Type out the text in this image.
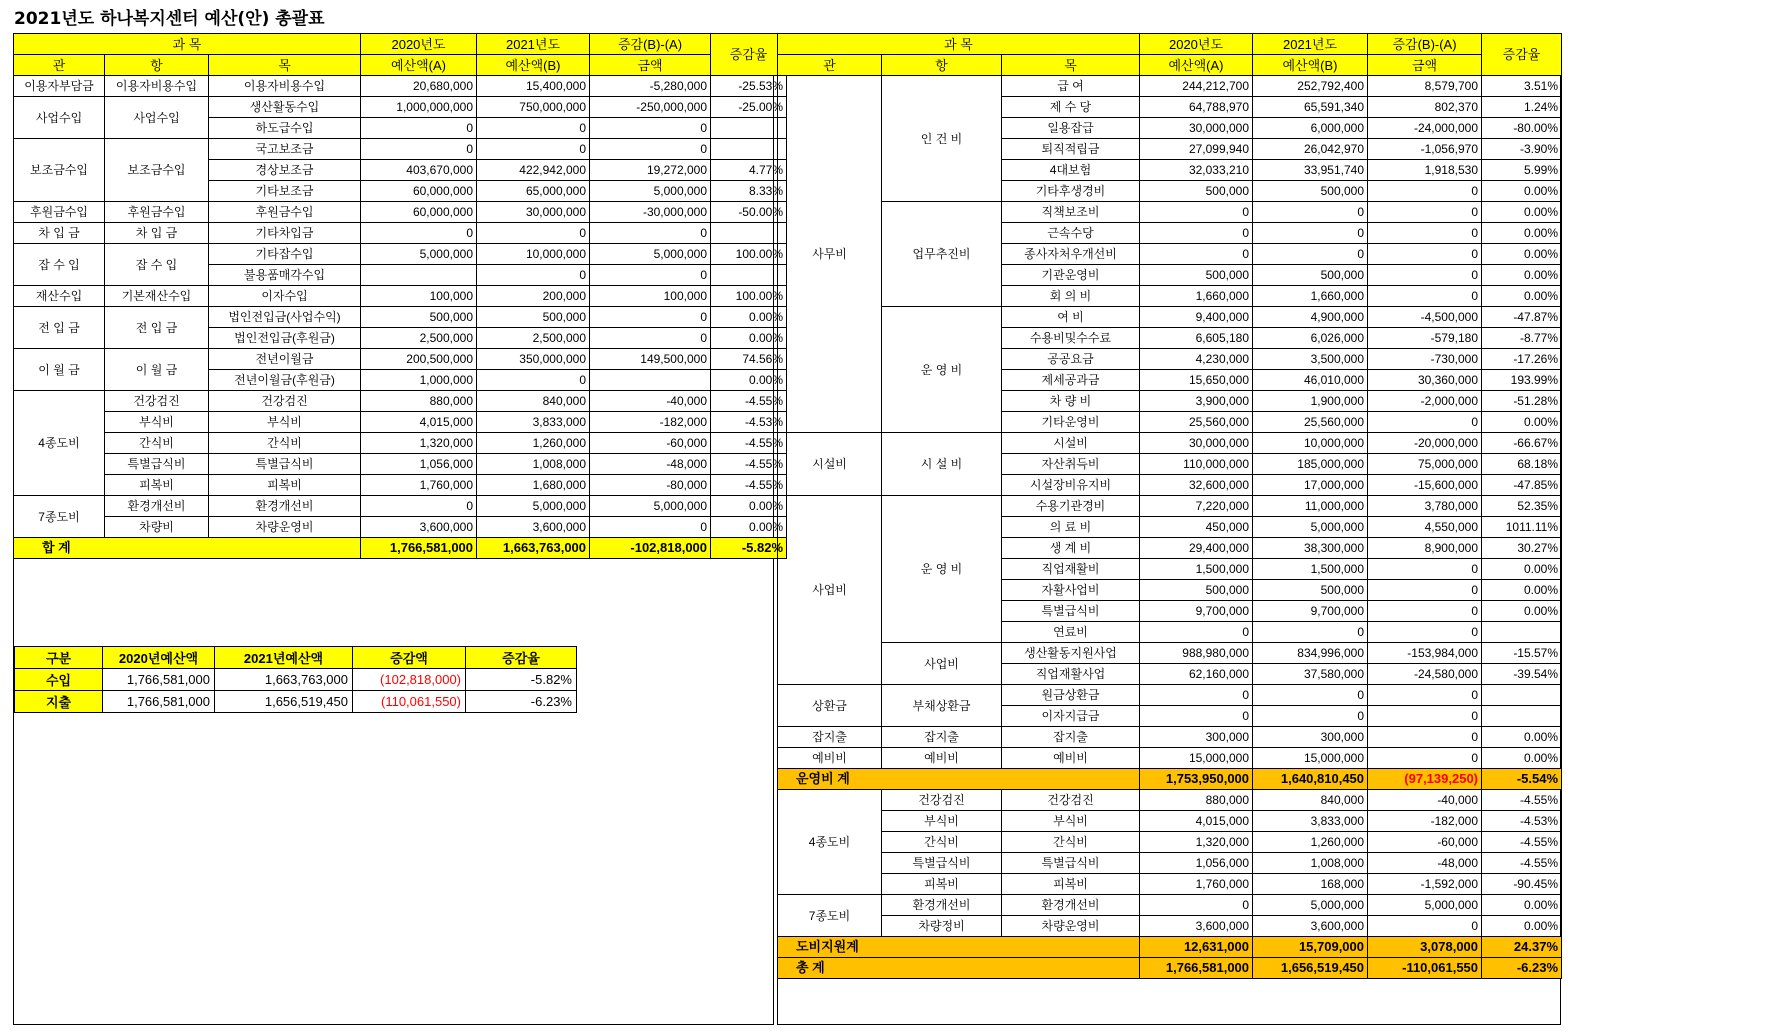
2021년도 하나복지센터 예산(안) 총괄표
과 목			2020년도	2021년도	증감(B)-(A)	증감율
관	항	목	예산액(A)	예산액(B)	금액	
이용자부담금	이용자비용수입	이용자비용수입	20,680,000	15,400,000	-5,280,000	-25.53%
사업수입	사업수입	생산활동수입	1,000,000,000	750,000,000	-250,000,000	-25.00%
		하도급수입	0	0	0	
보조금수입	보조금수입	국고보조금	0	0	0	
		경상보조금	403,670,000	422,942,000	19,272,000	4.77%
		기타보조금	60,000,000	65,000,000	5,000,000	8.33%
후원금수입	후원금수입	후원금수입	60,000,000	30,000,000	-30,000,000	-50.00%
차 입 금	차 입 금	기타차입금	0	0	0	
잡 수 입	잡 수 입	기타잡수입	5,000,000	10,000,000	5,000,000	100.00%
		불용품매각수입		0	0	
재산수입	기본재산수입	이자수입	100,000	200,000	100,000	100.00%
전 입 금	전 입 금	법인전입금(사업수익)	500,000	500,000	0	0.00%
		법인전입금(후원금)	2,500,000	2,500,000	0	0.00%
이 월 금	이 월 금	전년이월금	200,500,000	350,000,000	149,500,000	74.56%
		전년이월금(후원금)	1,000,000	0		0.00%
4종도비	건강검진	건강검진	880,000	840,000	-40,000	-4.55%
	부식비	부식비	4,015,000	3,833,000	-182,000	-4.53%
	간식비	간식비	1,320,000	1,260,000	-60,000	-4.55%
	특별급식비	특별급식비	1,056,000	1,008,000	-48,000	-4.55%
	피복비	피복비	1,760,000	1,680,000	-80,000	-4.55%
7종도비	환경개선비	환경개선비	0	5,000,000	5,000,000	0.00%
	차량비	차량운영비	3,600,000	3,600,000	0	0.00%
합 계			1,766,581,000	1,663,763,000	-102,818,000	-5.82%
구분	2020년예산액	2021년예산액	증감액	증감율
수입	1,766,581,000	1,663,763,000	(102,818,000)	-5.82%
지출	1,766,581,000	1,656,519,450	(110,061,550)	-6.23%
과 목			2020년도	2021년도	증감(B)-(A)	증감율
관	항	목	예산액(A)	예산액(B)	금액	
사무비	인 건 비	급 여	244,212,700	252,792,400	8,579,700	3.51%
		제 수 당	64,788,970	65,591,340	802,370	1.24%
		일용잡급	30,000,000	6,000,000	-24,000,000	-80.00%
		퇴직적립금	27,099,940	26,042,970	-1,056,970	-3.90%
		4대보험	32,033,210	33,951,740	1,918,530	5.99%
		기타후생경비	500,000	500,000	0	0.00%
	업무추진비	직책보조비	0	0	0	0.00%
		근속수당	0	0	0	0.00%
		종사자처우개선비	0	0	0	0.00%
		기관운영비	500,000	500,000	0	0.00%
		회 의 비	1,660,000	1,660,000	0	0.00%
	운 영 비	여 비	9,400,000	4,900,000	-4,500,000	-47.87%
		수용비및수수료	6,605,180	6,026,000	-579,180	-8.77%
		공공요금	4,230,000	3,500,000	-730,000	-17.26%
		제세공과금	15,650,000	46,010,000	30,360,000	193.99%
		차 량 비	3,900,000	1,900,000	-2,000,000	-51.28%
		기타운영비	25,560,000	25,560,000	0	0.00%
시설비	시 설 비	시설비	30,000,000	10,000,000	-20,000,000	-66.67%
		자산취득비	110,000,000	185,000,000	75,000,000	68.18%
		시설장비유지비	32,600,000	17,000,000	-15,600,000	-47.85%
사업비	운 영 비	수용기관경비	7,220,000	11,000,000	3,780,000	52.35%
		의 료 비	450,000	5,000,000	4,550,000	1011.11%
		생 계 비	29,400,000	38,300,000	8,900,000	30.27%
		직업재활비	1,500,000	1,500,000	0	0.00%
		자활사업비	500,000	500,000	0	0.00%
		특별급식비	9,700,000	9,700,000	0	0.00%
		연료비	0	0	0	
	사업비	생산활동지원사업	988,980,000	834,996,000	-153,984,000	-15.57%
		직업재활사업	62,160,000	37,580,000	-24,580,000	-39.54%
상환금	부채상환금	원금상환금	0	0	0	
		이자지급금	0	0	0	
잡지출	잡지출	잡지출	300,000	300,000	0	0.00%
예비비	예비비	예비비	15,000,000	15,000,000	0	0.00%
운영비 계			1,753,950,000	1,640,810,450	(97,139,250)	-5.54%
4종도비	건강검진	건강검진	880,000	840,000	-40,000	-4.55%
	부식비	부식비	4,015,000	3,833,000	-182,000	-4.53%
	간식비	간식비	1,320,000	1,260,000	-60,000	-4.55%
	특별급식비	특별급식비	1,056,000	1,008,000	-48,000	-4.55%
	피복비	피복비	1,760,000	168,000	-1,592,000	-90.45%
7종도비	환경개선비	환경개선비	0	5,000,000	5,000,000	0.00%
	차량정비	차량운영비	3,600,000	3,600,000	0	0.00%
도비지원계			12,631,000	15,709,000	3,078,000	24.37%
총 계			1,766,581,000	1,656,519,450	-110,061,550	-6.23%
